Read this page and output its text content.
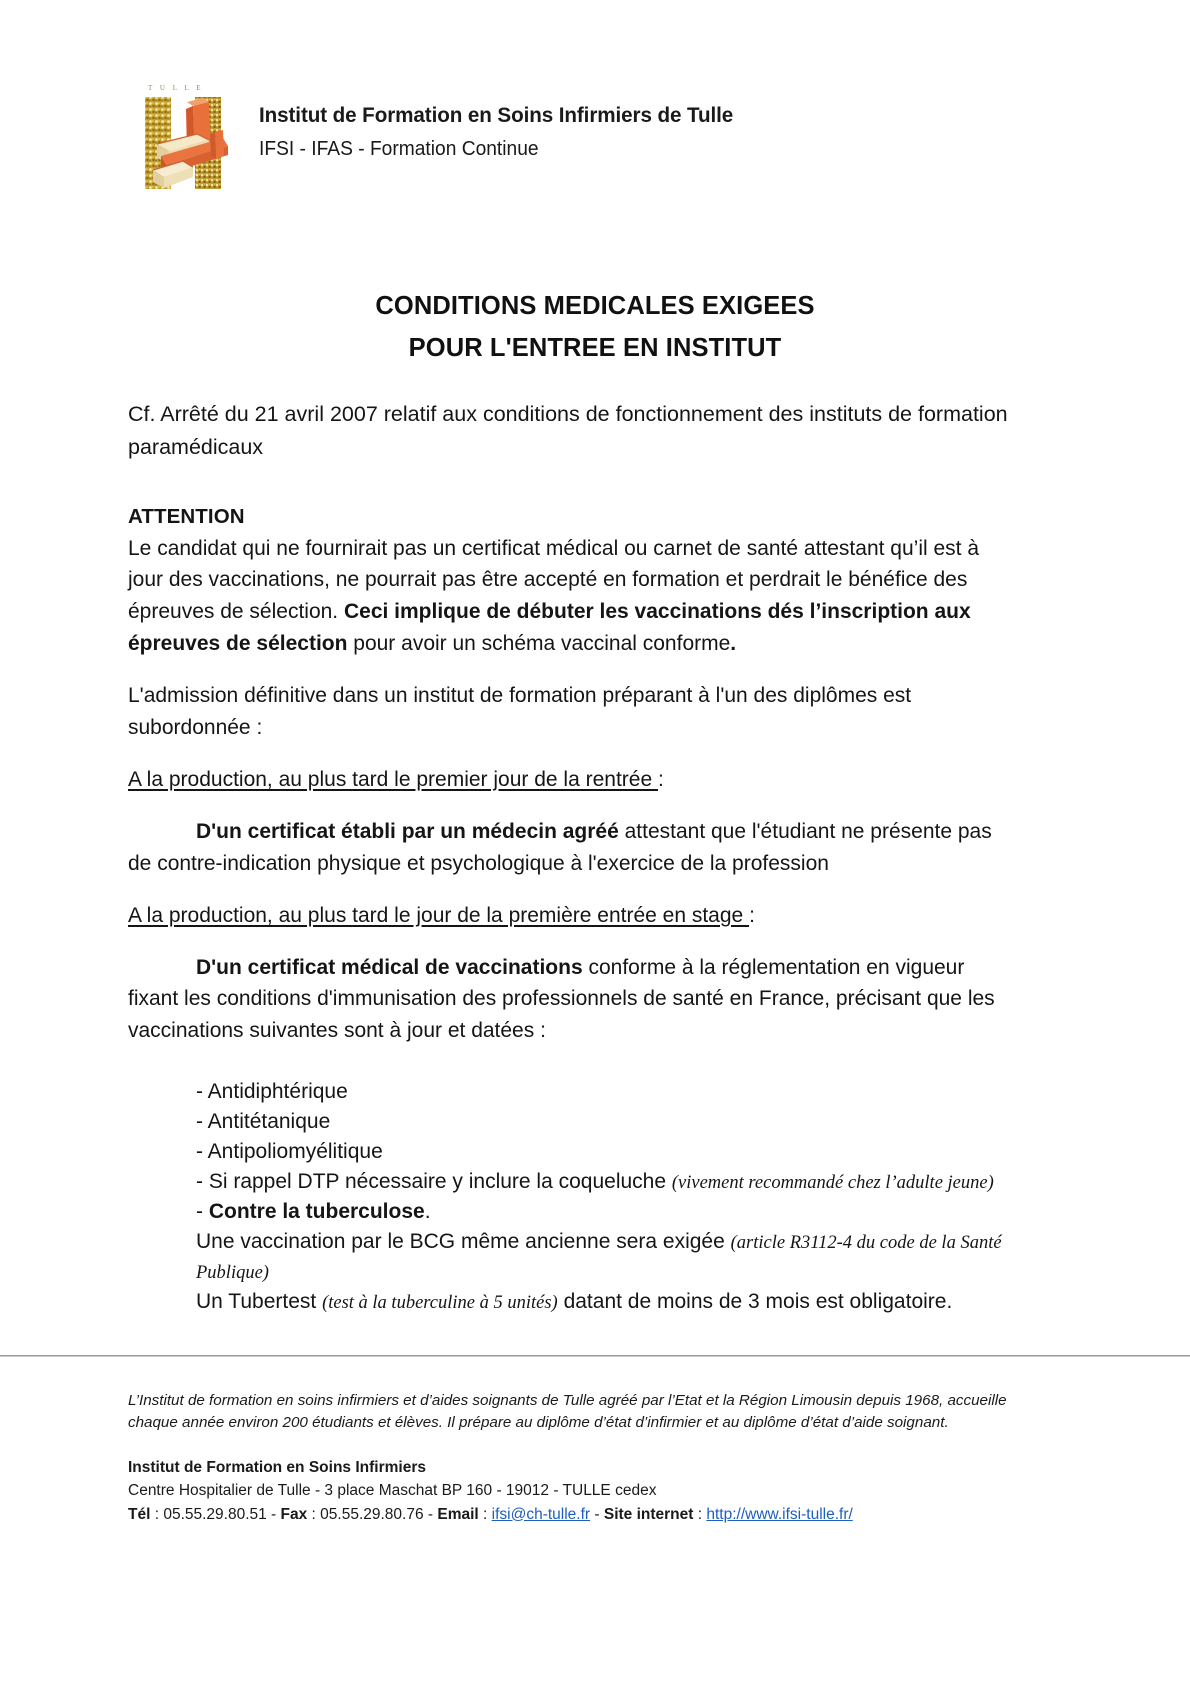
T U L L E
Institut de Formation en Soins Infirmiers de Tulle
IFSI - IFAS - Formation Continue
CONDITIONS MEDICALES EXIGEES
POUR L'ENTREE EN INSTITUT

Cf. Arrêté du 21 avril 2007 relatif aux conditions de fonctionnement des instituts de formation paramédicaux

ATTENTION

Le candidat qui ne fournirait pas un certificat médical ou carnet de santé attestant qu’il est à jour des vaccinations, ne pourrait pas être accepté en formation et perdrait le bénéfice des épreuves de sélection. Ceci implique de débuter les vaccinations dés l’inscription aux épreuves de sélection pour avoir un schéma vaccinal conforme.

L'admission définitive dans un institut de formation préparant à l'un des diplômes est subordonnée :

A la production, au plus tard le premier jour de la rentrée :

D'un certificat établi par un médecin agréé attestant que l'étudiant ne présente pas de contre-indication physique et psychologique à l'exercice de la profession

A la production, au plus tard le jour de la première entrée en stage :

D'un certificat médical de vaccinations conforme à la réglementation en vigueur fixant les conditions d'immunisation des professionnels de santé en France, précisant que les vaccinations suivantes sont à jour et datées :

- Antidiphtérique
- Antitétanique
- Antipoliomyélitique
- Si rappel DTP nécessaire y inclure la coqueluche (vivement recommandé chez l’adulte jeune)
- Contre la tuberculose.

Une vaccination par le BCG même ancienne sera exigée (article R3112-4 du code de la Santé Publique)

Un Tubertest (test à la tuberculine à 5 unités) datant de moins de 3 mois est obligatoire.

L’Institut de formation en soins infirmiers et d’aides soignants de Tulle agréé par l’Etat et la Région Limousin depuis 1968, accueille chaque année environ 200 étudiants et élèves. Il prépare au diplôme d’état d’infirmier et au diplôme d’état d’aide soignant.
Institut de Formation en Soins Infirmiers
Centre Hospitalier de Tulle - 3 place Maschat BP 160 - 19012 - TULLE cedex
Tél : 05.55.29.80.51 - Fax : 05.55.29.80.76 - Email : ifsi@ch-tulle.fr - Site internet : http://www.ifsi-tulle.fr/
